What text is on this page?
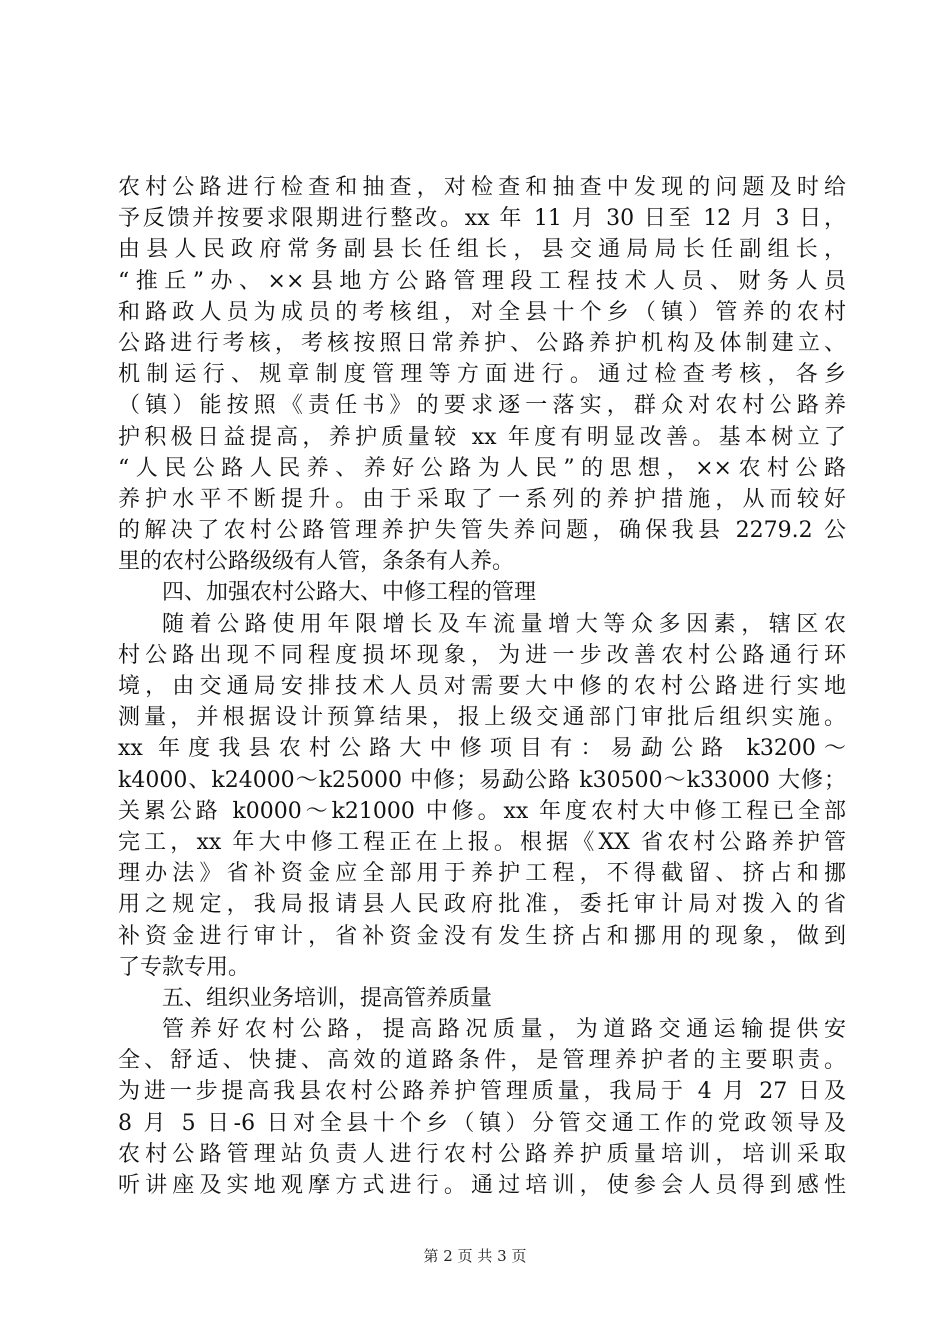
农村公路进行检查和抽查，对检查和抽查中发现的问题及时给
予反馈并按要求限期进行整改。xx 年 11 月 30 日至 12 月 3 日，
由县人民政府常务副县长任组长，县交通局局长任副组长，
“推丘”办、××县地方公路管理段工程技术人员、财务人员
和路政人员为成员的考核组，对全县十个乡（镇）管养的农村
公路进行考核，考核按照日常养护、公路养护机构及体制建立、
机制运行、规章制度管理等方面进行。通过检查考核，各乡
（镇）能按照《责任书》的要求逐一落实，群众对农村公路养
护积极日益提高，养护质量较 xx 年度有明显改善。基本树立了
“人民公路人民养、养好公路为人民”的思想，××农村公路
养护水平不断提升。由于采取了一系列的养护措施，从而较好
的解决了农村公路管理养护失管失养问题，确保我县 2279.2 公
里的农村公路级级有人管，条条有人养。
四、加强农村公路大、中修工程的管理
随着公路使用年限增长及车流量增大等众多因素，辖区农
村公路出现不同程度损坏现象，为进一步改善农村公路通行环
境，由交通局安排技术人员对需要大中修的农村公路进行实地
测量，并根据设计预算结果，报上级交通部门审批后组织实施。
xx 年度我县农村公路大中修项目有：易勐公路 k3200～
k4000、k24000～k25000 中修；易勐公路 k30500～k33000 大修；
关累公路 k0000～k21000 中修。xx 年度农村大中修工程已全部
完工，xx 年大中修工程正在上报。根据《XX 省农村公路养护管
理办法》省补资金应全部用于养护工程，不得截留、挤占和挪
用之规定，我局报请县人民政府批准，委托审计局对拨入的省
补资金进行审计，省补资金没有发生挤占和挪用的现象，做到
了专款专用。
五、组织业务培训，提高管养质量
管养好农村公路，提高路况质量，为道路交通运输提供安
全、舒适、快捷、高效的道路条件，是管理养护者的主要职责。
为进一步提高我县农村公路养护管理质量，我局于 4 月 27 日及
8 月 5 日-6 日对全县十个乡（镇）分管交通工作的党政领导及
农村公路管理站负责人进行农村公路养护质量培训，培训采取
听讲座及实地观摩方式进行。通过培训，使参会人员得到感性
第 2 页 共 3 页
